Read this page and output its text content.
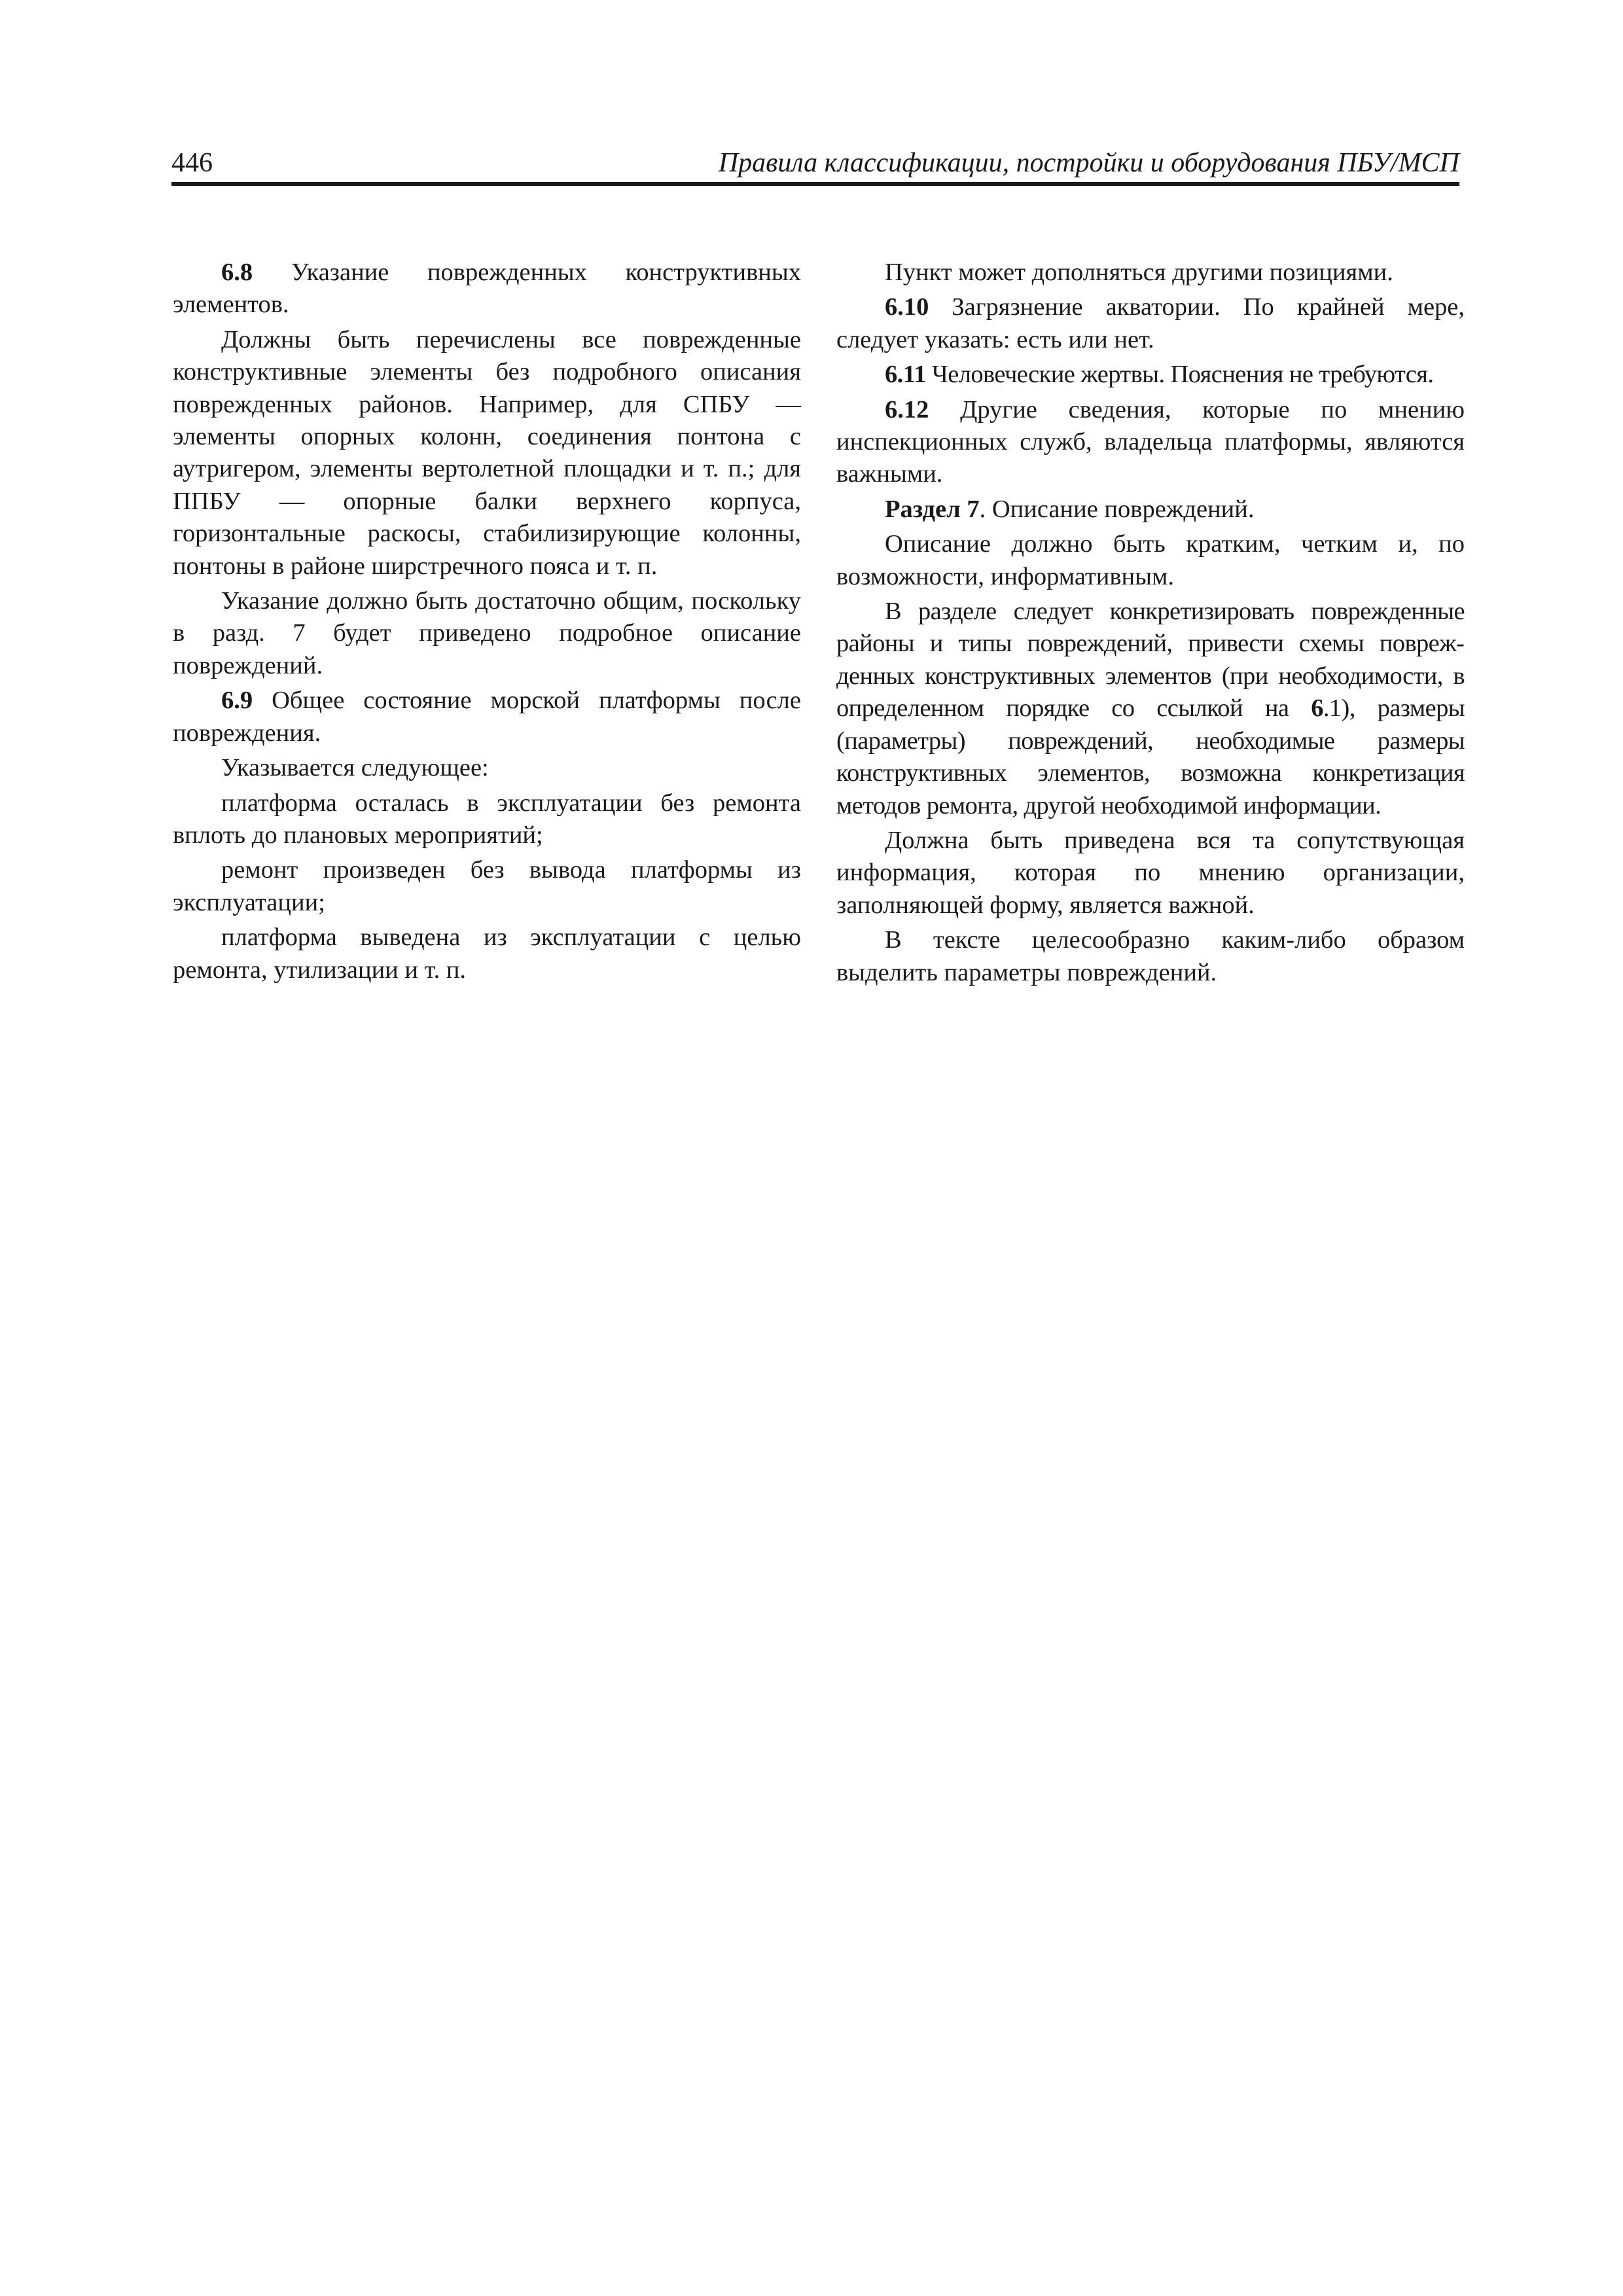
446	Правила классификации, постройки и оборудования ПБУ/МСП

6.8 Указание поврежденных конструктивных элементов.

Должны быть перечислены все поврежденные конструктивные элементы без подробного описания поврежденных районов. Например, для СПБУ — элементы опорных колонн, соединения понтона с аутригером, элементы вертолетной площадки и т. п.; для ППБУ — опорные балки верхнего корпуса, горизонтальные раскосы, стабилизирующие колонны, понтоны в районе ширстречного пояса и т. п.

Указание должно быть достаточно общим, поскольку в разд. 7 будет приведено подробное описание повреждений.

6.9 Общее состояние морской платформы после повреждения.

Указывается следующее:

платформа осталась в эксплуатации без ремонта вплоть до плановых мероприятий;

ремонт произведен без вывода платформы из эксплуатации;

платформа выведена из эксплуатации с целью ремонта, утилизации и т. п.

Пункт может дополняться другими позициями.

6.10 Загрязнение акватории. По крайней мере, следует указать: есть или нет.

6.11 Человеческие жертвы. Пояснения не требуются.

6.12 Другие сведения, которые по мнению инспекционных служб, владельца платформы, являются важными.

Раздел 7. Описание повреждений.

Описание должно быть кратким, четким и, по возможности, информативным.

В разделе следует конкретизировать поврежденные районы и типы повреждений, привести схемы поврежденных конструктивных элементов (при необходимости, в определенном порядке со ссылкой на 6.1), размеры (параметры) повреждений, необходимые размеры конструктивных элементов, возможна конкретизация методов ремонта, другой необходимой информации.

Должна быть приведена вся та сопутствующая информация, которая по мнению организации, заполняющей форму, является важной.

В тексте целесообразно каким-либо образом выделить параметры повреждений.
